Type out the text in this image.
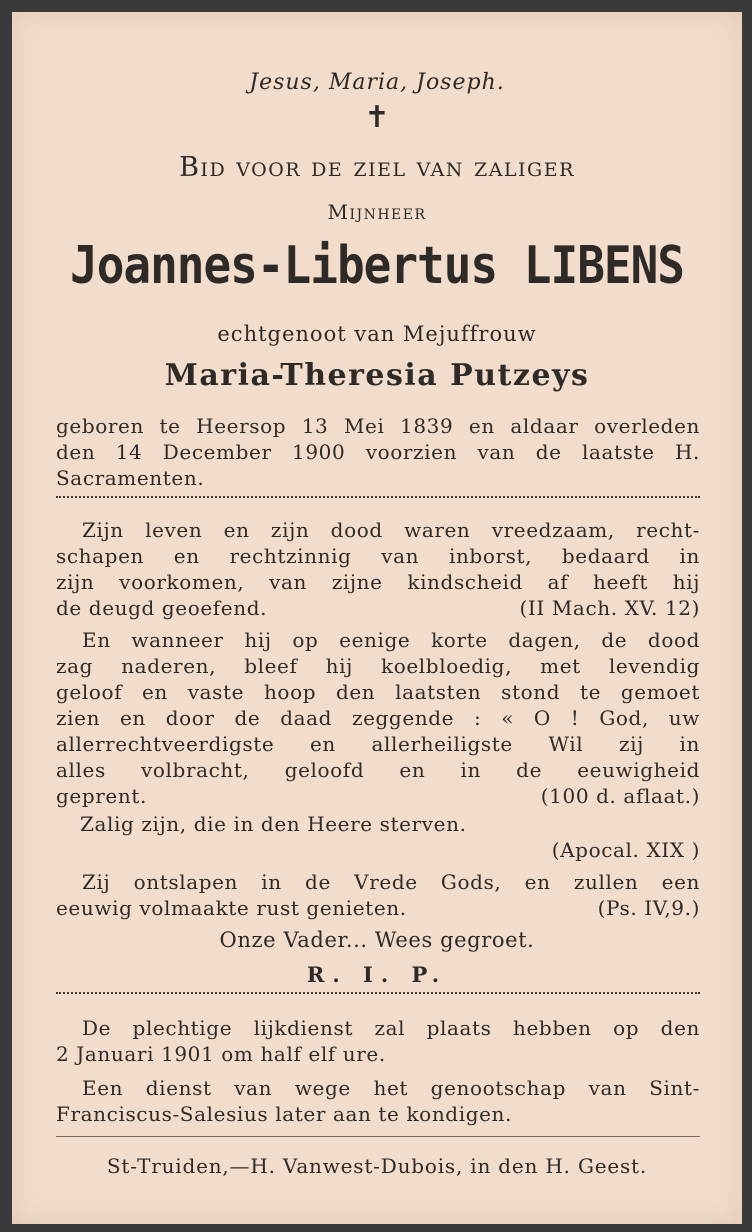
Jesus, Maria, Joseph.
✝
Bid voor de ziel van zaliger
Mijnheer
Joannes-Libertus LIBENS
echtgenoot van Mejuffrouw
Maria-Theresia Putzeys
geboren te Heersop 13 Mei 1839 en aldaar overleden
den 14 December 1900 voorzien van de laatste H.
Sacramenten.
Zijn leven en zijn dood waren vreedzaam, recht-
schapen en rechtzinnig van inborst, bedaard in
zijn voorkomen, van zijne kindscheid af heeft hij
de deugd geoefend.	(II Mach. XV. 12)
En wanneer hij op eenige korte dagen, de dood
zag naderen, bleef hij koelbloedig, met levendig
geloof en vaste hoop den laatsten stond te gemoet
zien en door de daad zeggende : « O ! God, uw
allerrechtveerdigste en allerheiligste Wil zij in
alles volbracht, geloofd en in de eeuwigheid
geprent.	(100 d. aflaat.)
Zalig zijn, die in den Heere sterven.
(Apocal. XIX )
Zij ontslapen in de Vrede Gods, en zullen een
eeuwig volmaakte rust genieten.	(Ps. IV,9.)
Onze Vader... Wees gegroet.
R. I. P.
De plechtige lijkdienst zal plaats hebben op den
2 Januari 1901 om half elf ure.
Een dienst van wege het genootschap van Sint-
Franciscus-Salesius later aan te kondigen.
St-Truiden,—H. Vanwest-Dubois, in den H. Geest.
